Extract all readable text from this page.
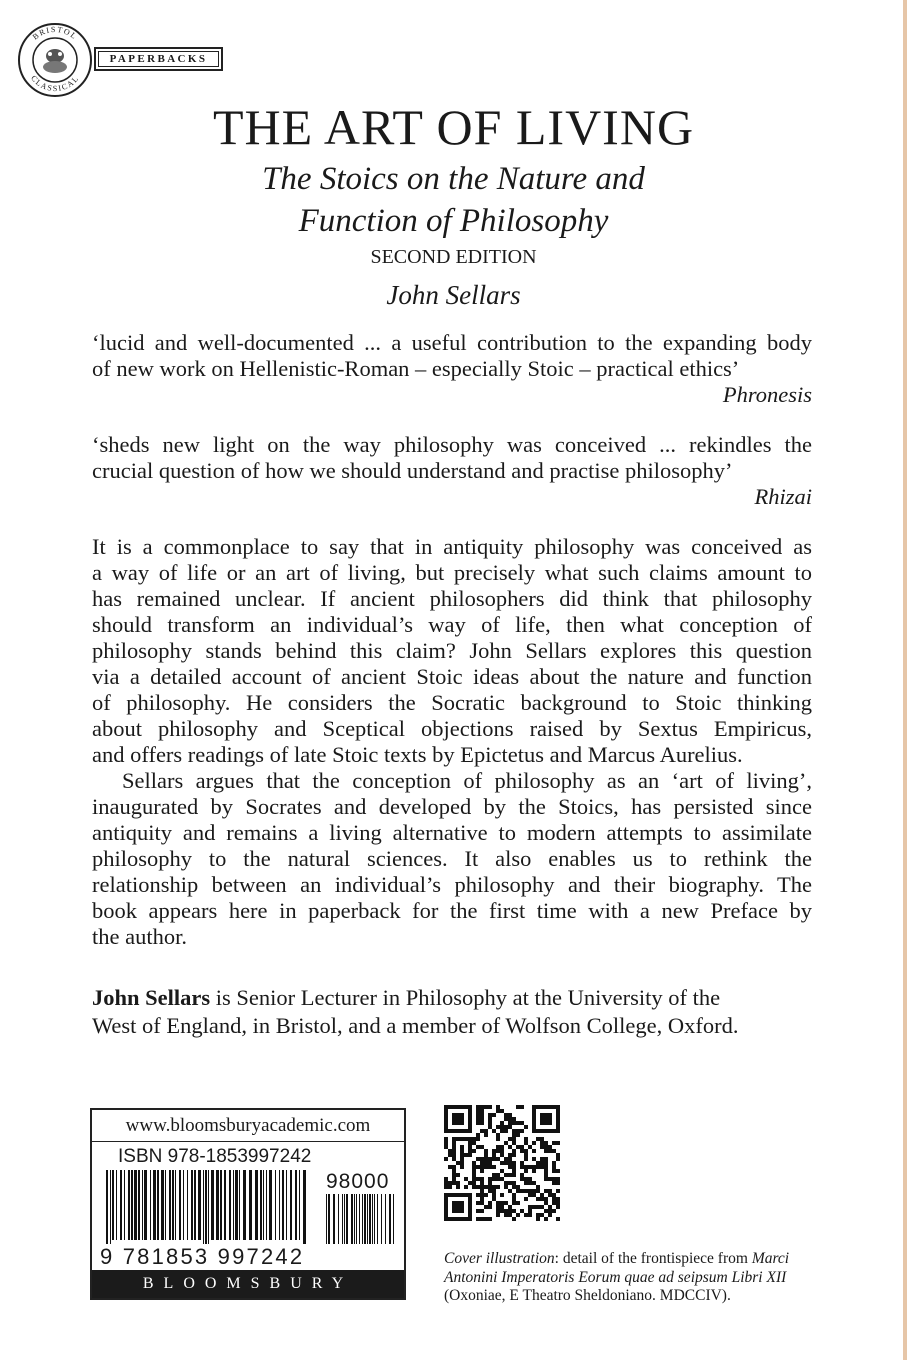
BRISTOL
CLASSICAL
PAPERBACKS
THE ART OF LIVING
The Stoics on the Nature and
Function of Philosophy
SECOND EDITION
John Sellars
‘lucid and well-documented ... a useful contribution to the expanding body
of new work on Hellenistic-Roman – especially Stoic – practical ethics’
Phronesis
‘sheds new light on the way philosophy was conceived ... rekindles the
crucial question of how we should understand and practise philosophy’
Rhizai
It is a commonplace to say that in antiquity philosophy was conceived as
a way of life or an art of living, but precisely what such claims amount to
has remained unclear. If ancient philosophers did think that philosophy
should transform an individual’s way of life, then what conception of
philosophy stands behind this claim? John Sellars explores this question
via a detailed account of ancient Stoic ideas about the nature and function
of philosophy. He considers the Socratic background to Stoic thinking
about philosophy and Sceptical objections raised by Sextus Empiricus,
and offers readings of late Stoic texts by Epictetus and Marcus Aurelius.
Sellars argues that the conception of philosophy as an ‘art of living’,
inaugurated by Socrates and developed by the Stoics, has persisted since
antiquity and remains a living alternative to modern attempts to assimilate
philosophy to the natural sciences. It also enables us to rethink the
relationship between an individual’s philosophy and their biography. The
book appears here in paperback for the first time with a new Preface by
the author.
John Sellars is Senior Lecturer in Philosophy at the University of the
West of England, in Bristol, and a member of Wolfson College, Oxford.
www.bloomsburyacademic.com
ISBN 978-1853997242
98000
9 781853 997242
BLOOMSBURY
Cover illustration: detail of the frontispiece from Marci
Antonini Imperatoris Eorum quae ad seipsum Libri XII
(Oxoniae, E Theatro Sheldoniano. MDCCIV).
